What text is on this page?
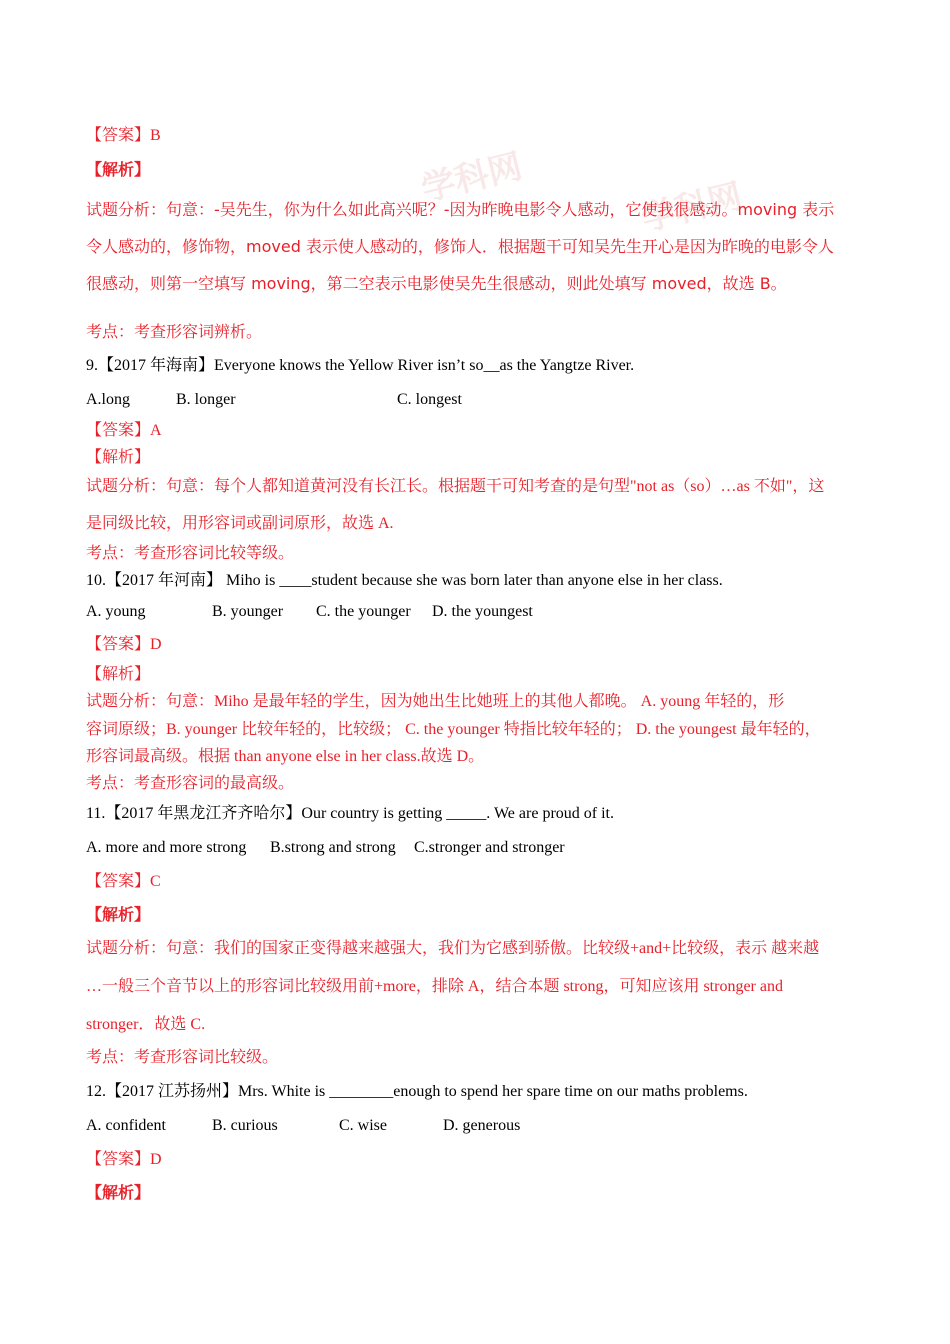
学科网	学科网
【答案】B
【解析】
试题分析：句意：-吴先生，你为什么如此高兴呢？-因为昨晚电影令人感动，它使我很感动。moving 表示
令人感动的，修饰物，moved 表示使人感动的，修饰人．根据题干可知吴先生开心是因为昨晚的电影令人
很感动，则第一空填写 moving，第二空表示电影使吴先生很感动，则此处填写 moved，故选 B。
考点：考查形容词辨析。
9.【2017 年海南】Everyone knows the Yellow River isn’t so__as the Yangtze River.
A.long	B. longer	C. longest
【答案】A
【解析】
试题分析：句意：每个人都知道黄河没有长江长。根据题干可知考查的是句型"not as（so）…as 不如"，这
是同级比较，用形容词或副词原形，故选 A.
考点：考查形容词比较等级。
10.【2017 年河南】 Miho is ____student because she was born later than anyone else in her class.
A. young	B. younger C. the younger D. the youngest
【答案】D
【解析】
试题分析：句意：Miho 是最年轻的学生，因为她出生比她班上的其他人都晚。 A. young 年轻的，形
容词原级；B. younger 比较年轻的，比较级； C. the younger 特指比较年轻的； D. the youngest 最年轻的，
形容词最高级。根据 than anyone else in her class.故选 D。
考点：考查形容词的最高级。
11.【2017 年黑龙江齐齐哈尔】Our country is getting _____. We are proud of it.
A. more and more strong B.strong and strong C.stronger and stronger
【答案】C
【解析】
试题分析：句意：我们的国家正变得越来越强大，我们为它感到骄傲。比较级+and+比较级，表示 越来越
…一般三个音节以上的形容词比较级用前+more，排除 A，结合本题 strong，可知应该用 stronger and
stronger．故选 C.
考点：考查形容词比较级。
12.【2017 江苏扬州】Mrs. White is ________enough to spend her spare time on our maths problems.
A. confident	B. curious	C. wise	D. generous
【答案】D
【解析】
